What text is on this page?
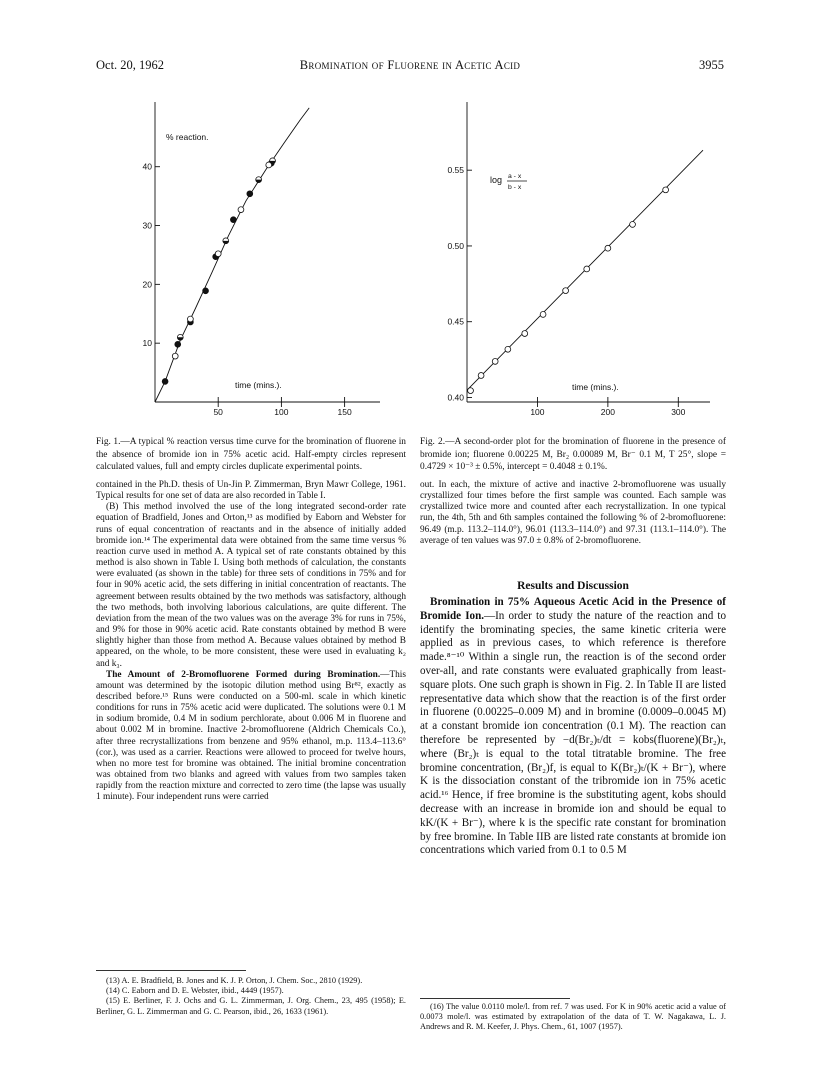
Oct. 20, 1962	Bromination of Fluorene in Acetic Acid	3955
50	100	150
10
20
30
40
% reaction.
time (mins.).
Fig. 1.—A typical % reaction versus time curve for the bromination of fluorene in the absence of bromide ion in 75% acetic acid. Half-empty circles represent calculated values, full and empty circles duplicate experimental points.
100	200	300
0.40
0.45
0.50
0.55
time (mins.).
log a - x
b - x
Fig. 2.—A second-order plot for the bromination of fluorene in the presence of bromide ion; fluorene 0.00225 M, Br₂ 0.00089 M, Br⁻ 0.1 M, T 25°, slope = 0.4729 × 10⁻³ ± 0.5%, intercept = 0.4048 ± 0.1%.

contained in the Ph.D. thesis of Un-Jin P. Zimmerman, Bryn Mawr College, 1961. Typical results for one set of data are also recorded in Table I.

(B) This method involved the use of the long integrated second-order rate equation of Bradfield, Jones and Orton,¹³ as modified by Eaborn and Webster for runs of equal concentration of reactants and in the absence of initially added bromide ion.¹⁴ The experimental data were obtained from the same time versus % reaction curve used in method A. A typical set of rate constants obtained by this method is also shown in Table I. Using both methods of calculation, the constants were evaluated (as shown in the table) for three sets of conditions in 75% and for four in 90% acetic acid, the sets differing in initial concentration of reactants. The agreement between results obtained by the two methods was satisfactory, although the two methods, both involving laborious calculations, are quite different. The deviation from the mean of the two values was on the average 3% for runs in 75%, and 9% for those in 90% acetic acid. Rate constants obtained by method B were slightly higher than those from method A. Because values obtained by method B appeared, on the whole, to be more consistent, these were used in evaluating k₂ and k₃.

The Amount of 2-Bromofluorene Formed during Bromination.—This amount was determined by the isotopic dilution method using Br⁸², exactly as described before.¹⁵ Runs were conducted on a 500-ml. scale in which kinetic conditions for runs in 75% acetic acid were duplicated. The solutions were 0.1 M in sodium bromide, 0.4 M in sodium perchlorate, about 0.006 M in fluorene and about 0.002 M in bromine. Inactive 2-bromofluorene (Aldrich Chemicals Co.), after three recrystallizations from benzene and 95% ethanol, m.p. 113.4–113.6° (cor.), was used as a carrier. Reactions were allowed to proceed for twelve hours, when no more test for bromine was obtained. The initial bromine concentration was obtained from two blanks and agreed with values from two samples taken rapidly from the reaction mixture and corrected to zero time (the lapse was usually 1 minute). Four independent runs were carried

(13) A. E. Bradfield, B. Jones and K. J. P. Orton, J. Chem. Soc., 2810 (1929).
(14) C. Eaborn and D. E. Webster, ibid., 4449 (1957).
(15) E. Berliner, F. J. Ochs and G. L. Zimmerman, J. Org. Chem., 23, 495 (1958); E. Berliner, G. L. Zimmerman and G. C. Pearson, ibid., 26, 1633 (1961).

out. In each, the mixture of active and inactive 2-bromofluorene was usually crystallized four times before the first sample was counted. Each sample was crystallized twice more and counted after each recrystallization. In one typical run, the 4th, 5th and 6th samples contained the following % of 2-bromofluorene: 96.49 (m.p. 113.2–114.0°), 96.01 (113.3–114.0°) and 97.31 (113.1–114.0°). The average of ten values was 97.0 ± 0.8% of 2-bromofluorene.

Results and Discussion

Bromination in 75% Aqueous Acetic Acid in the Presence of Bromide Ion.—In order to study the nature of the reaction and to identify the brominating species, the same kinetic criteria were applied as in previous cases, to which reference is therefore made.⁸⁻¹⁰ Within a single run, the reaction is of the second order over-all, and rate constants were evaluated graphically from least-square plots. One such graph is shown in Fig. 2. In Table II are listed representative data which show that the reaction is of the first order in fluorene (0.00225–0.009 M) and in bromine (0.0009–0.0045 M) at a constant bromide ion concentration (0.1 M). The reaction can therefore be represented by −d(Br₂)ₜ/dt = kobs(fluorene)(Br₂)ₜ, where (Br₂)ₜ is equal to the total titratable bromine. The free bromine concentration, (Br₂)f, is equal to K(Br₂)ₜ/(K + Br⁻), where K is the dissociation constant of the tribromide ion in 75% acetic acid.¹⁶ Hence, if free bromine is the substituting agent, kobs should decrease with an increase in bromide ion and should be equal to kK/(K + Br⁻), where k is the specific rate constant for bromination by free bromine. In Table IIB are listed rate constants at bromide ion concentrations which varied from 0.1 to 0.5 M

(16) The value 0.0110 mole/l. from ref. 7 was used. For K in 90% acetic acid a value of 0.0073 mole/l. was estimated by extrapolation of the data of T. W. Nagakawa, L. J. Andrews and R. M. Keefer, J. Phys. Chem., 61, 1007 (1957).
